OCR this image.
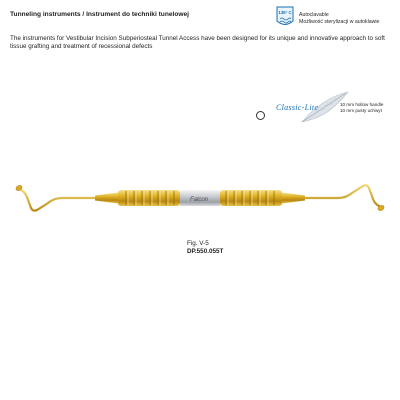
Tunneling instruments / Instrument do techniki tunelowej	135° C	Autoclavable
Możliwość sterylizacji w autoklawie
The instruments for Vestibular Incision Subperiosteal Tunnel Access have been designed for its unique and innovative approach to soft tissue grafting and treatment of recessional defects
Classic-Lite	10 mm hollow handle
10 mm pusty uchwyt
Falcon
Fig. V-5
DP.550.055T
